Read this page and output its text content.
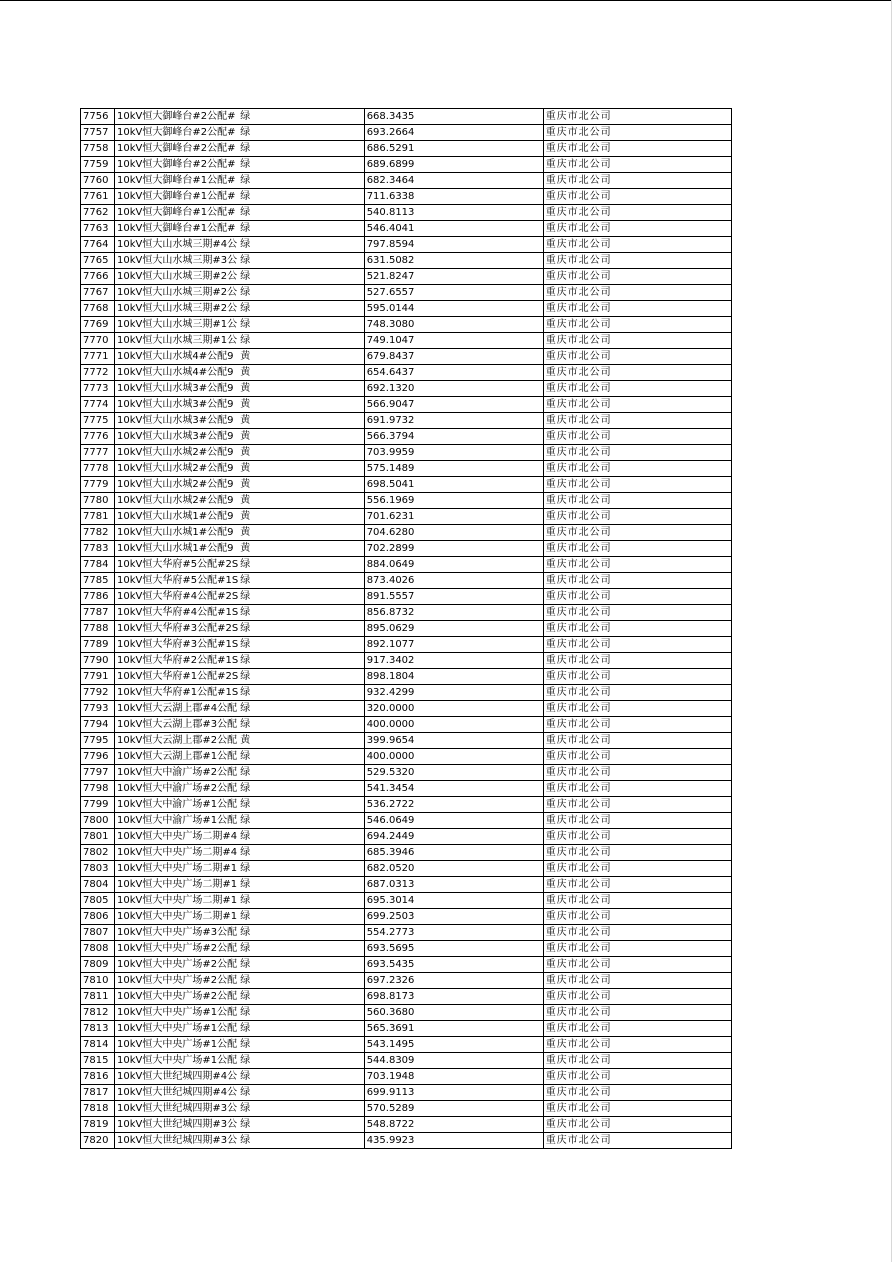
7756	10kV恒大御峰台#2公配#	绿	668.3435	重庆市北公司
7757	10kV恒大御峰台#2公配#	绿	693.2664	重庆市北公司
7758	10kV恒大御峰台#2公配#	绿	686.5291	重庆市北公司
7759	10kV恒大御峰台#2公配#	绿	689.6899	重庆市北公司
7760	10kV恒大御峰台#1公配#	绿	682.3464	重庆市北公司
7761	10kV恒大御峰台#1公配#	绿	711.6338	重庆市北公司
7762	10kV恒大御峰台#1公配#	绿	540.8113	重庆市北公司
7763	10kV恒大御峰台#1公配#	绿	546.4041	重庆市北公司
7764	10kV恒大山水城三期#4公	绿	797.8594	重庆市北公司
7765	10kV恒大山水城三期#3公	绿	631.5082	重庆市北公司
7766	10kV恒大山水城三期#2公	绿	521.8247	重庆市北公司
7767	10kV恒大山水城三期#2公	绿	527.6557	重庆市北公司
7768	10kV恒大山水城三期#2公	绿	595.0144	重庆市北公司
7769	10kV恒大山水城三期#1公	绿	748.3080	重庆市北公司
7770	10kV恒大山水城三期#1公	绿	749.1047	重庆市北公司
7771	10kV恒大山水城4#公配9	黄	679.8437	重庆市北公司
7772	10kV恒大山水城4#公配9	黄	654.6437	重庆市北公司
7773	10kV恒大山水城3#公配9	黄	692.1320	重庆市北公司
7774	10kV恒大山水城3#公配9	黄	566.9047	重庆市北公司
7775	10kV恒大山水城3#公配9	黄	691.9732	重庆市北公司
7776	10kV恒大山水城3#公配9	黄	566.3794	重庆市北公司
7777	10kV恒大山水城2#公配9	黄	703.9959	重庆市北公司
7778	10kV恒大山水城2#公配9	黄	575.1489	重庆市北公司
7779	10kV恒大山水城2#公配9	黄	698.5041	重庆市北公司
7780	10kV恒大山水城2#公配9	黄	556.1969	重庆市北公司
7781	10kV恒大山水城1#公配9	黄	701.6231	重庆市北公司
7782	10kV恒大山水城1#公配9	黄	704.6280	重庆市北公司
7783	10kV恒大山水城1#公配9	黄	702.2899	重庆市北公司
7784	10kV恒大华府#5公配#2S	绿	884.0649	重庆市北公司
7785	10kV恒大华府#5公配#1S	绿	873.4026	重庆市北公司
7786	10kV恒大华府#4公配#2S	绿	891.5557	重庆市北公司
7787	10kV恒大华府#4公配#1S	绿	856.8732	重庆市北公司
7788	10kV恒大华府#3公配#2S	绿	895.0629	重庆市北公司
7789	10kV恒大华府#3公配#1S	绿	892.1077	重庆市北公司
7790	10kV恒大华府#2公配#1S	绿	917.3402	重庆市北公司
7791	10kV恒大华府#1公配#2S	绿	898.1804	重庆市北公司
7792	10kV恒大华府#1公配#1S	绿	932.4299	重庆市北公司
7793	10kV恒大云湖上郡#4公配	绿	320.0000	重庆市北公司
7794	10kV恒大云湖上郡#3公配	绿	400.0000	重庆市北公司
7795	10kV恒大云湖上郡#2公配	黄	399.9654	重庆市北公司
7796	10kV恒大云湖上郡#1公配	绿	400.0000	重庆市北公司
7797	10kV恒大中渝广场#2公配	绿	529.5320	重庆市北公司
7798	10kV恒大中渝广场#2公配	绿	541.3454	重庆市北公司
7799	10kV恒大中渝广场#1公配	绿	536.2722	重庆市北公司
7800	10kV恒大中渝广场#1公配	绿	546.0649	重庆市北公司
7801	10kV恒大中央广场二期#4	绿	694.2449	重庆市北公司
7802	10kV恒大中央广场二期#4	绿	685.3946	重庆市北公司
7803	10kV恒大中央广场二期#1	绿	682.0520	重庆市北公司
7804	10kV恒大中央广场二期#1	绿	687.0313	重庆市北公司
7805	10kV恒大中央广场二期#1	绿	695.3014	重庆市北公司
7806	10kV恒大中央广场二期#1	绿	699.2503	重庆市北公司
7807	10kV恒大中央广场#3公配	绿	554.2773	重庆市北公司
7808	10kV恒大中央广场#2公配	绿	693.5695	重庆市北公司
7809	10kV恒大中央广场#2公配	绿	693.5435	重庆市北公司
7810	10kV恒大中央广场#2公配	绿	697.2326	重庆市北公司
7811	10kV恒大中央广场#2公配	绿	698.8173	重庆市北公司
7812	10kV恒大中央广场#1公配	绿	560.3680	重庆市北公司
7813	10kV恒大中央广场#1公配	绿	565.3691	重庆市北公司
7814	10kV恒大中央广场#1公配	绿	543.1495	重庆市北公司
7815	10kV恒大中央广场#1公配	绿	544.8309	重庆市北公司
7816	10kV恒大世纪城四期#4公	绿	703.1948	重庆市北公司
7817	10kV恒大世纪城四期#4公	绿	699.9113	重庆市北公司
7818	10kV恒大世纪城四期#3公	绿	570.5289	重庆市北公司
7819	10kV恒大世纪城四期#3公	绿	548.8722	重庆市北公司
7820	10kV恒大世纪城四期#3公	绿	435.9923	重庆市北公司
